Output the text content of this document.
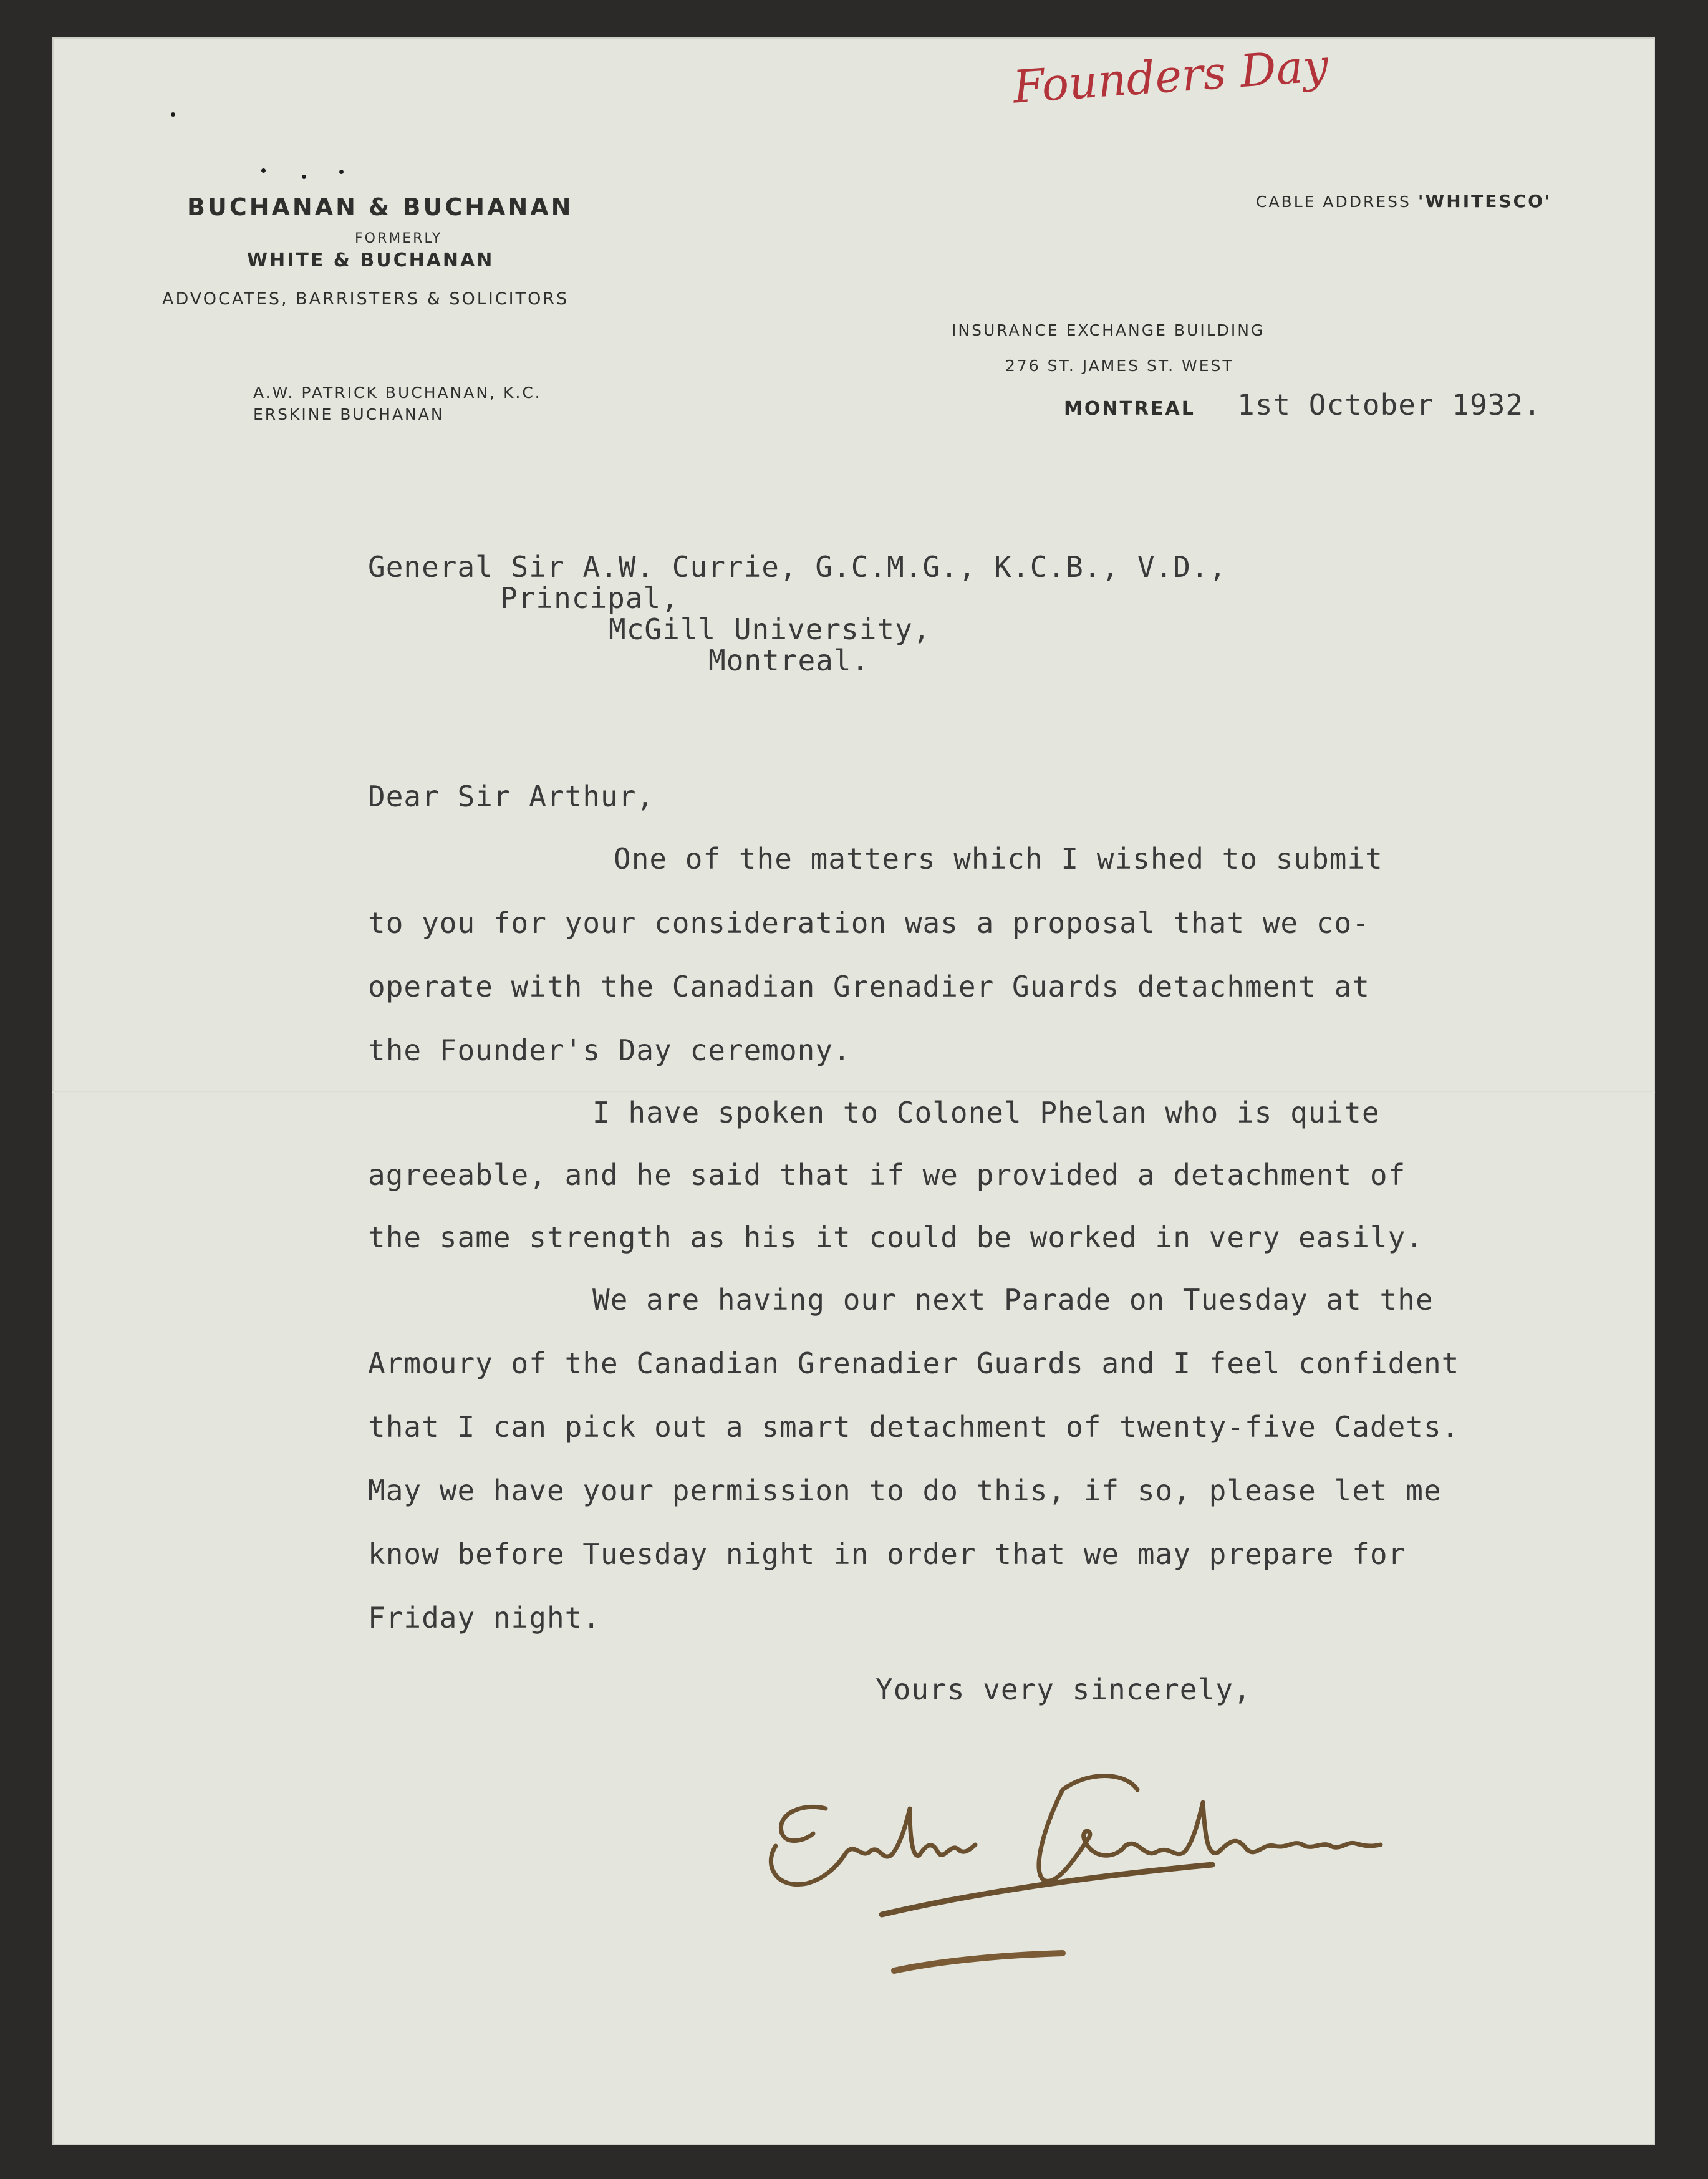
Founders Day
BUCHANAN & BUCHANAN
FORMERLY
WHITE & BUCHANAN
ADVOCATES, BARRISTERS & SOLICITORS
A.W. PATRICK BUCHANAN, K.C.
ERSKINE BUCHANAN
CABLE ADDRESS 'WHITESCO'
INSURANCE EXCHANGE BUILDING
276 ST. JAMES ST. WEST
MONTREAL 1st October 1932.
General Sir A.W. Currie, G.C.M.G., K.C.B., V.D.,
Principal,
McGill University,
Montreal.
Dear Sir Arthur,
One of the matters which I wished to submit
to you for your consideration was a proposal that we co-
operate with the Canadian Grenadier Guards detachment at
the Founder's Day ceremony.
I have spoken to Colonel Phelan who is quite
agreeable, and he said that if we provided a detachment of
the same strength as his it could be worked in very easily.
We are having our next Parade on Tuesday at the
Armoury of the Canadian Grenadier Guards and I feel confident
that I can pick out a smart detachment of twenty-five Cadets.
May we have your permission to do this, if so, please let me
know before Tuesday night in order that we may prepare for
Friday night.
Yours very sincerely,
